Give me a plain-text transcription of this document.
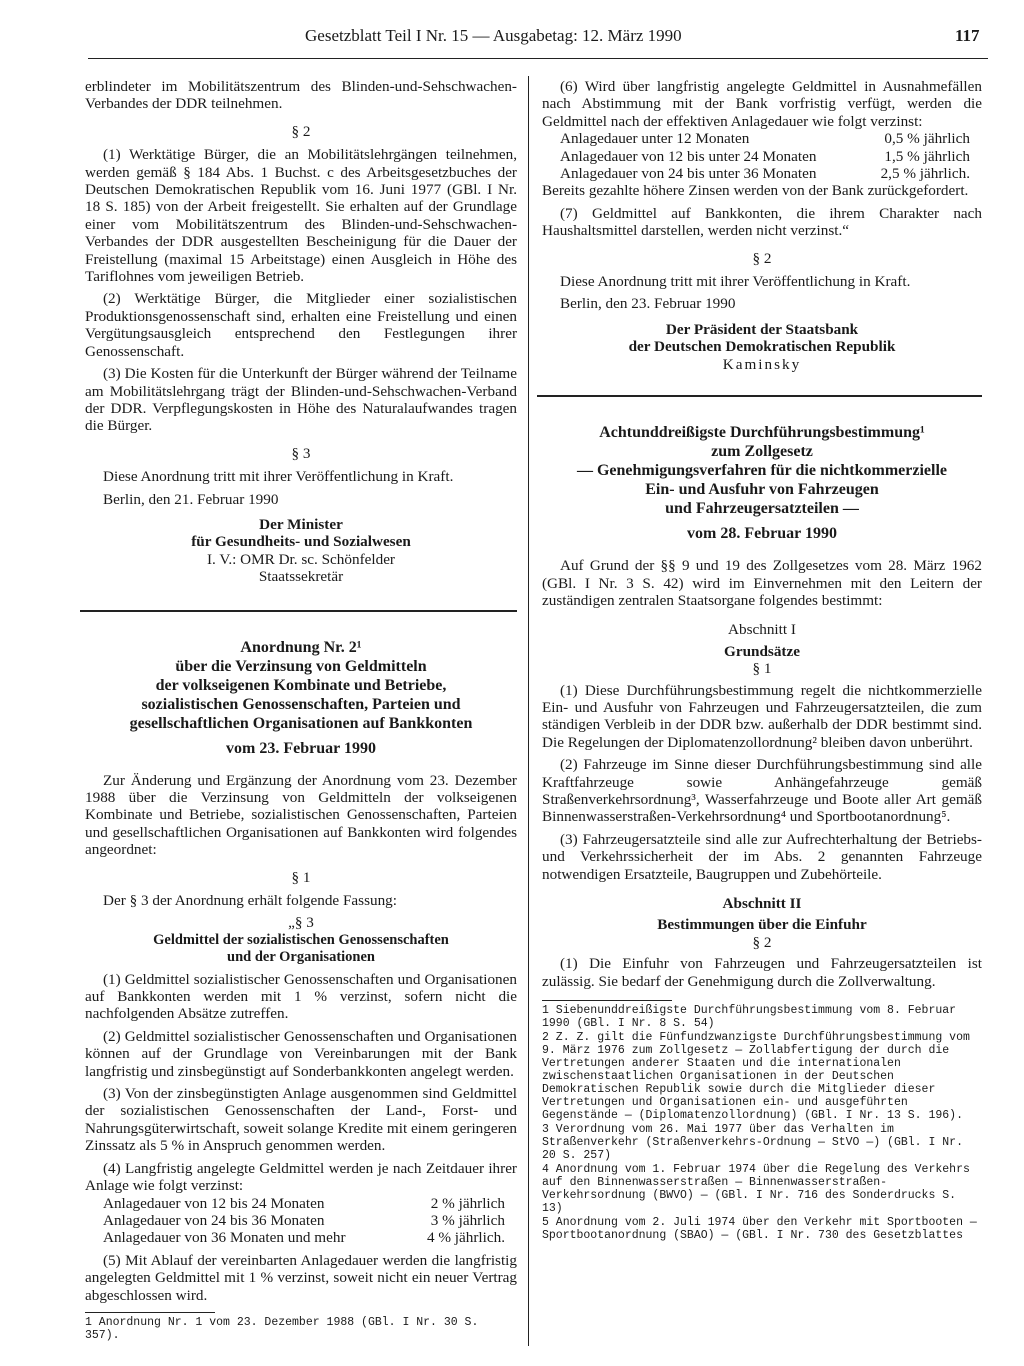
Gesetzblatt Teil I Nr. 15 — Ausgabetag: 12. März 1990	117

erblindeter im Mobilitätszentrum des Blinden-und-Sehschwachen-Verbandes der DDR teilnehmen.

§ 2

(1) Werktätige Bürger, die an Mobilitätslehrgängen teilnehmen, werden gemäß § 184 Abs. 1 Buchst. c des Arbeitsgesetzbuches der Deutschen Demokratischen Republik vom 16. Juni 1977 (GBl. I Nr. 18 S. 185) von der Arbeit freigestellt. Sie erhalten auf der Grundlage einer vom Mobilitätszentrum des Blinden-und-Sehschwachen-Verbandes der DDR ausgestellten Bescheinigung für die Dauer der Freistellung (maximal 15 Arbeitstage) einen Ausgleich in Höhe des Tariflohnes vom jeweiligen Betrieb.

(2) Werktätige Bürger, die Mitglieder einer sozialistischen Produktionsgenossenschaft sind, erhalten eine Freistellung und einen Vergütungsausgleich entsprechend den Festlegungen ihrer Genossenschaft.

(3) Die Kosten für die Unterkunft der Bürger während der Teilname am Mobilitätslehrgang trägt der Blinden-und-Sehschwachen-Verband der DDR. Verpflegungskosten in Höhe des Naturalaufwandes tragen die Bürger.

§ 3

Diese Anordnung tritt mit ihrer Veröffentlichung in Kraft.

Berlin, den 21. Februar 1990

Der Minister

für Gesundheits- und Sozialwesen

I. V.: OMR Dr. sc. Schönfelder

Staatssekretär

Anordnung Nr. 2¹
über die Verzinsung von Geldmitteln
der volkseigenen Kombinate und Betriebe,
sozialistischen Genossenschaften, Parteien und
gesellschaftlichen Organisationen auf Bankkonten
vom 23. Februar 1990

Zur Änderung und Ergänzung der Anordnung vom 23. Dezember 1988 über die Verzinsung von Geldmitteln der volkseigenen Kombinate und Betriebe, sozialistischen Genossenschaften, Parteien und gesellschaftlichen Organisationen auf Bankkonten wird folgendes angeordnet:

§ 1

Der § 3 der Anordnung erhält folgende Fassung:

„§ 3

Geldmittel der sozialistischen Genossenschaften

und der Organisationen

(1) Geldmittel sozialistischer Genossenschaften und Organisationen auf Bankkonten werden mit 1 % verzinst, sofern nicht die nachfolgenden Absätze zutreffen.

(2) Geldmittel sozialistischer Genossenschaften und Organisationen können auf der Grundlage von Vereinbarungen mit der Bank langfristig und zinsbegünstigt auf Sonderbankkonten angelegt werden.

(3) Von der zinsbegünstigten Anlage ausgenommen sind Geldmittel der sozialistischen Genossenschaften der Land-, Forst- und Nahrungsgüterwirtschaft, soweit solange Kredite mit einem geringeren Zinssatz als 5 % in Anspruch genommen werden.

(4) Langfristig angelegte Geldmittel werden je nach Zeitdauer ihrer Anlage wie folgt verzinst:

Anlagedauer von 12 bis 24 Monaten	2 % jährlich
Anlagedauer von 24 bis 36 Monaten	3 % jährlich
Anlagedauer von 36 Monaten und mehr	4 % jährlich.

(5) Mit Ablauf der vereinbarten Anlagedauer werden die langfristig angelegten Geldmittel mit 1 % verzinst, soweit nicht ein neuer Vertrag abgeschlossen wird.

1 Anordnung Nr. 1 vom 23. Dezember 1988 (GBl. I Nr. 30 S. 357).

(6) Wird über langfristig angelegte Geldmittel in Ausnahmefällen nach Abstimmung mit der Bank vorfristig verfügt, werden die Geldmittel nach der effektiven Anlagedauer wie folgt verzinst:

Anlagedauer unter 12 Monaten	0,5 % jährlich
Anlagedauer von 12 bis unter 24 Monaten	1,5 % jährlich
Anlagedauer von 24 bis unter 36 Monaten	2,5 % jährlich.

Bereits gezahlte höhere Zinsen werden von der Bank zurückgefordert.

(7) Geldmittel auf Bankkonten, die ihrem Charakter nach Haushaltsmittel darstellen, werden nicht verzinst.“

§ 2

Diese Anordnung tritt mit ihrer Veröffentlichung in Kraft.

Berlin, den 23. Februar 1990

Der Präsident der Staatsbank

der Deutschen Demokratischen Republik

Kaminsky

Achtunddreißigste Durchführungsbestimmung¹
zum Zollgesetz
— Genehmigungsverfahren für die nichtkommerzielle
Ein- und Ausfuhr von Fahrzeugen
und Fahrzeugersatzteilen —
vom 28. Februar 1990

Auf Grund der §§ 9 und 19 des Zollgesetzes vom 28. März 1962 (GBl. I Nr. 3 S. 42) wird im Einvernehmen mit den Leitern der zuständigen zentralen Staatsorgane folgendes bestimmt:

Abschnitt I

Grundsätze

§ 1

(1) Diese Durchführungsbestimmung regelt die nichtkommerzielle Ein- und Ausfuhr von Fahrzeugen und Fahrzeugersatzteilen, die zum ständigen Verbleib in der DDR bzw. außerhalb der DDR bestimmt sind. Die Regelungen der Diplomatenzollordnung² bleiben davon unberührt.

(2) Fahrzeuge im Sinne dieser Durchführungsbestimmung sind alle Kraftfahrzeuge sowie Anhängefahrzeuge gemäß Straßenverkehrsordnung³, Wasserfahrzeuge und Boote aller Art gemäß Binnenwasserstraßen-Verkehrsordnung⁴ und Sportbootanordnung⁵.

(3) Fahrzeugersatzteile sind alle zur Aufrechterhaltung der Betriebs- und Verkehrssicherheit der im Abs. 2 genannten Fahrzeuge notwendigen Ersatzteile, Baugruppen und Zubehörteile.

Abschnitt II

Bestimmungen über die Einfuhr

§ 2

(1) Die Einfuhr von Fahrzeugen und Fahrzeugersatzteilen ist zulässig. Sie bedarf der Genehmigung durch die Zollverwaltung.

1 Siebenunddreißigste Durchführungsbestimmung vom 8. Februar 1990 (GBl. I Nr. 8 S. 54)

2 Z. Z. gilt die Fünfundzwanzigste Durchführungsbestimmung vom 9. März 1976 zum Zollgesetz — Zollabfertigung der durch die Vertretungen anderer Staaten und die internationalen zwischenstaatlichen Organisationen in der Deutschen Demokratischen Republik sowie durch die Mitglieder dieser Vertretungen und Organisationen ein- und ausgeführten Gegenstände — (Diplomatenzollordnung) (GBl. I Nr. 13 S. 196).

3 Verordnung vom 26. Mai 1977 über das Verhalten im Straßenverkehr (Straßenverkehrs-Ordnung — StVO —) (GBl. I Nr. 20 S. 257)

4 Anordnung vom 1. Februar 1974 über die Regelung des Verkehrs auf den Binnenwasserstraßen — Binnenwasserstraßen-Verkehrsordnung (BWVO) — (GBl. I Nr. 716 des Sonderdrucks S. 13)

5 Anordnung vom 2. Juli 1974 über den Verkehr mit Sportbooten — Sportbootanordnung (SBAO) — (GBl. I Nr. 730 des Gesetzblattes
